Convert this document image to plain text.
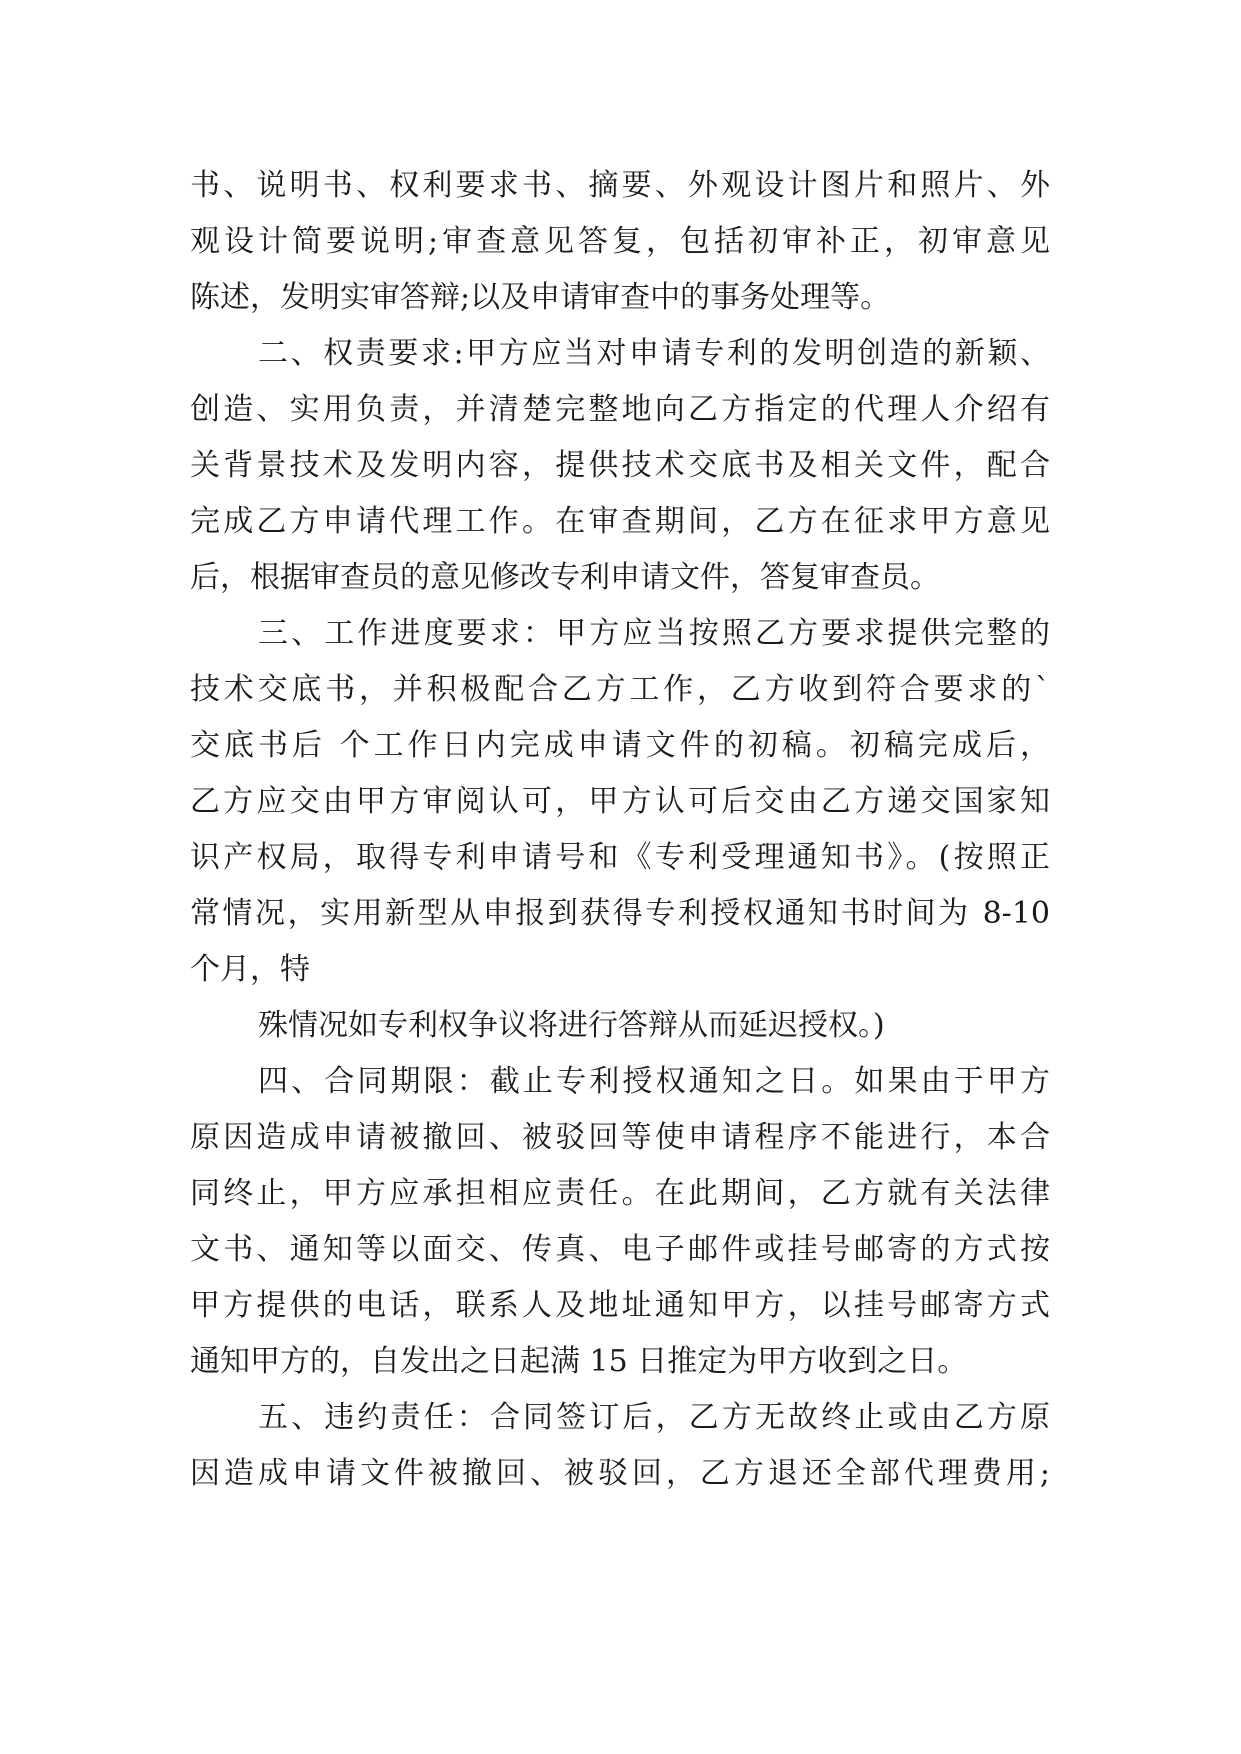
书、说明书、权利要求书、摘要、外观设计图片和照片、外
观设计简要说明;审查意见答复，包括初审补正，初审意见
陈述，发明实审答辩;以及申请审查中的事务处理等。
二、权责要求:甲方应当对申请专利的发明创造的新颖、
创造、实用负责，并清楚完整地向乙方指定的代理人介绍有
关背景技术及发明内容，提供技术交底书及相关文件，配合
完成乙方申请代理工作。在审查期间，乙方在征求甲方意见
后，根据审查员的意见修改专利申请文件，答复审查员。
三、工作进度要求：甲方应当按照乙方要求提供完整的
技术交底书，并积极配合乙方工作，乙方收到符合要求的`
交底书后 个工作日内完成申请文件的初稿。初稿完成后，
乙方应交由甲方审阅认可，甲方认可后交由乙方递交国家知
识产权局，取得专利申请号和《专利受理通知书》。(按照正
常情况，实用新型从申报到获得专利授权通知书时间为 8-10
个月，特
殊情况如专利权争议将进行答辩从而延迟授权。)
四、合同期限：截止专利授权通知之日。如果由于甲方
原因造成申请被撤回、被驳回等使申请程序不能进行，本合
同终止，甲方应承担相应责任。在此期间，乙方就有关法律
文书、通知等以面交、传真、电子邮件或挂号邮寄的方式按
甲方提供的电话，联系人及地址通知甲方，以挂号邮寄方式
通知甲方的，自发出之日起满 15 日推定为甲方收到之日。
五、违约责任：合同签订后，乙方无故终止或由乙方原
因造成申请文件被撤回、被驳回，乙方退还全部代理费用;
